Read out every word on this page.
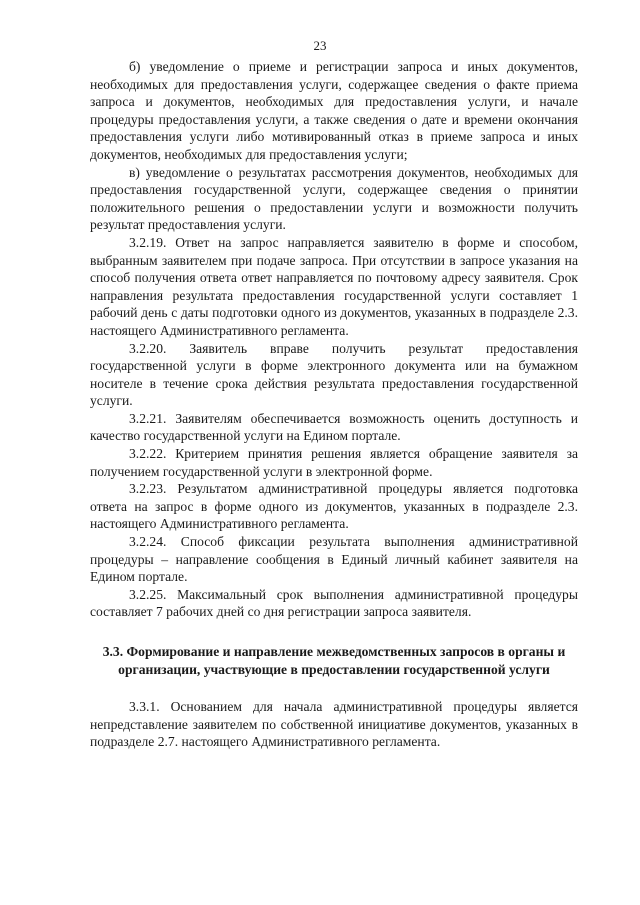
23

б) уведомление о приеме и регистрации запроса и иных документов, необходимых для предоставления услуги, содержащее сведения о факте приема запроса и документов, необходимых для предоставления услуги, и начале процедуры предоставления услуги, а также сведения о дате и времени окончания предоставления услуги либо мотивированный отказ в приеме запроса и иных документов, необходимых для предоставления услуги;

в) уведомление о результатах рассмотрения документов, необходимых для предоставления государственной услуги, содержащее сведения о принятии положительного решения о предоставлении услуги и возможности получить результат предоставления услуги.

3.2.19. Ответ на запрос направляется заявителю в форме и способом, выбранным заявителем при подаче запроса. При отсутствии в запросе указания на способ получения ответа ответ направляется по почтовому адресу заявителя. Срок направления результата предоставления государственной услуги составляет 1 рабочий день с даты подготовки одного из документов, указанных в подразделе 2.3. настоящего Административного регламента.

3.2.20. Заявитель вправе получить результат предоставления государственной услуги в форме электронного документа или на бумажном носителе в течение срока действия результата предоставления государственной услуги.

3.2.21. Заявителям обеспечивается возможность оценить доступность и качество государственной услуги на Едином портале.

3.2.22. Критерием принятия решения является обращение заявителя за получением государственной услуги в электронной форме.

3.2.23. Результатом административной процедуры является подготовка ответа на запрос в форме одного из документов, указанных в подразделе 2.3. настоящего Административного регламента.

3.2.24. Способ фиксации результата выполнения административной процедуры – направление сообщения в Единый личный кабинет заявителя на Едином портале.

3.2.25. Максимальный срок выполнения административной процедуры составляет 7 рабочих дней со дня регистрации запроса заявителя.

3.3. Формирование и направление межведомственных запросов в органы и организации, участвующие в предоставлении государственной услуги

3.3.1. Основанием для начала административной процедуры является непредставление заявителем по собственной инициативе документов, указанных в подразделе 2.7. настоящего Административного регламента.
